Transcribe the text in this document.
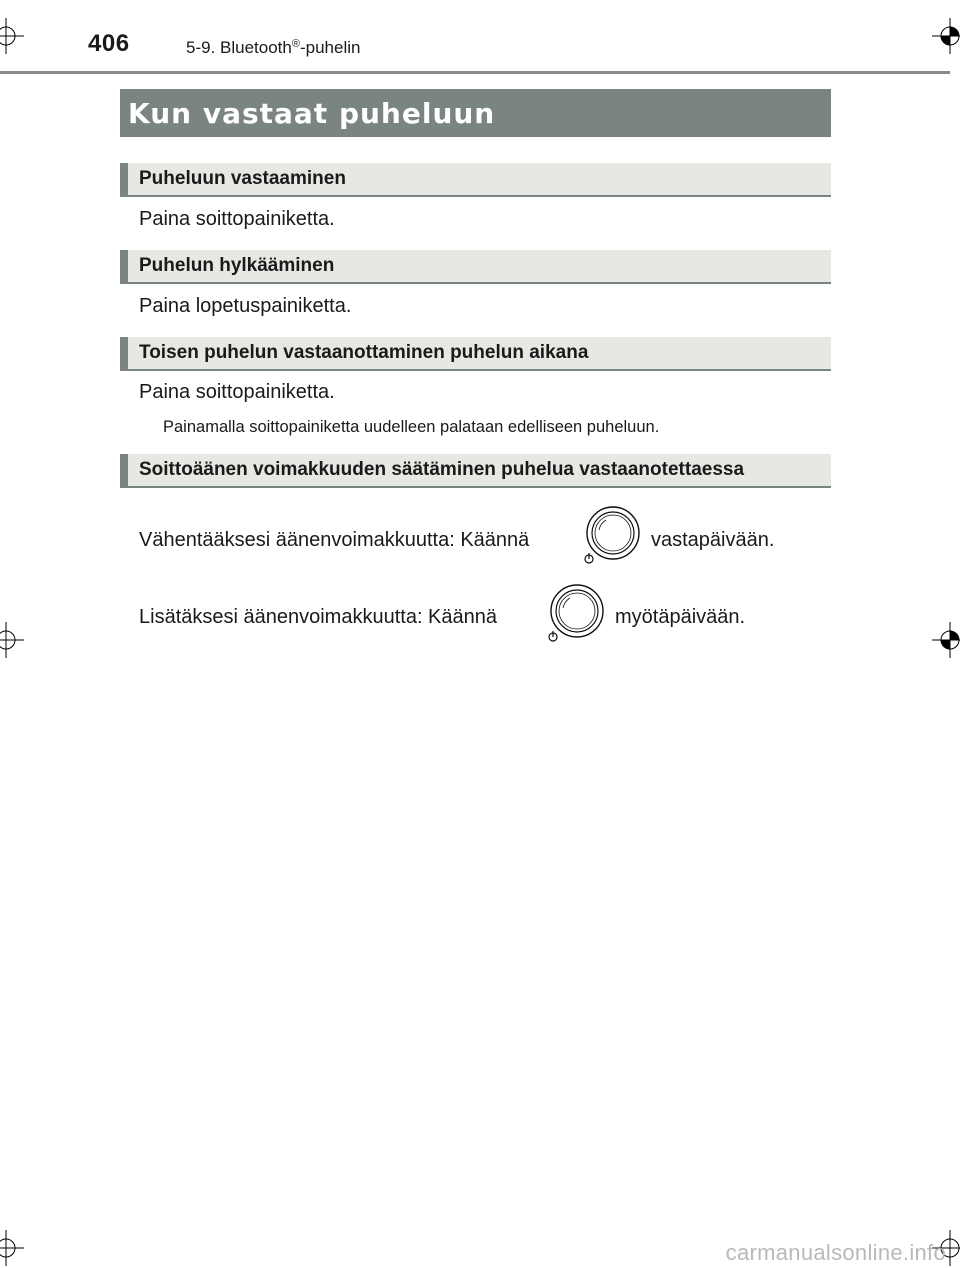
406	5-9. Bluetooth®-puhelin
Kun vastaat puheluun
Puheluun vastaaminen
Paina soittopainiketta.
Puhelun hylkääminen
Paina lopetuspainiketta.
Toisen puhelun vastaanottaminen puhelun aikana
Paina soittopainiketta.
Painamalla soittopainiketta uudelleen palataan edelliseen puheluun.
Soittoäänen voimakkuuden säätäminen puhelua vastaanotettaessa
Vähentääksesi äänenvoimakkuutta: Käännä	vastapäivään.
Lisätäksesi äänenvoimakkuutta: Käännä	myötäpäivään.
carmanualsonline.info
